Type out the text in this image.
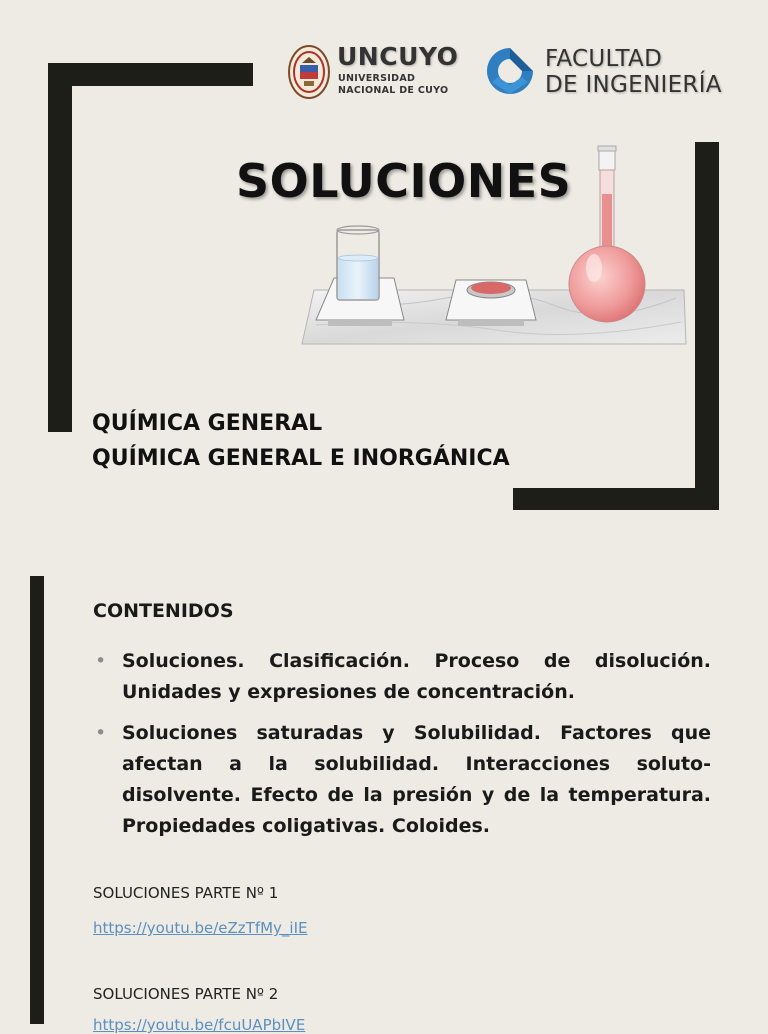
UNCUYO
UNIVERSIDAD
NACIONAL DE CUYO
FACULTAD
DE INGENIERÍA
SOLUCIONES
QUÍMICA GENERAL
QUÍMICA GENERAL E INORGÁNICA
CONTENIDOS
• Soluciones. Clasificación. Proceso de disolución. Unidades y expresiones de concentración.
• Soluciones saturadas y Solubilidad. Factores que afectan a la solubilidad. Interacciones soluto-disolvente. Efecto de la presión y de la temperatura. Propiedades coligativas. Coloides.
SOLUCIONES PARTE Nº 1
https://youtu.be/eZzTfMy_iIE
SOLUCIONES PARTE Nº 2
https://youtu.be/fcuUAPbIVE
